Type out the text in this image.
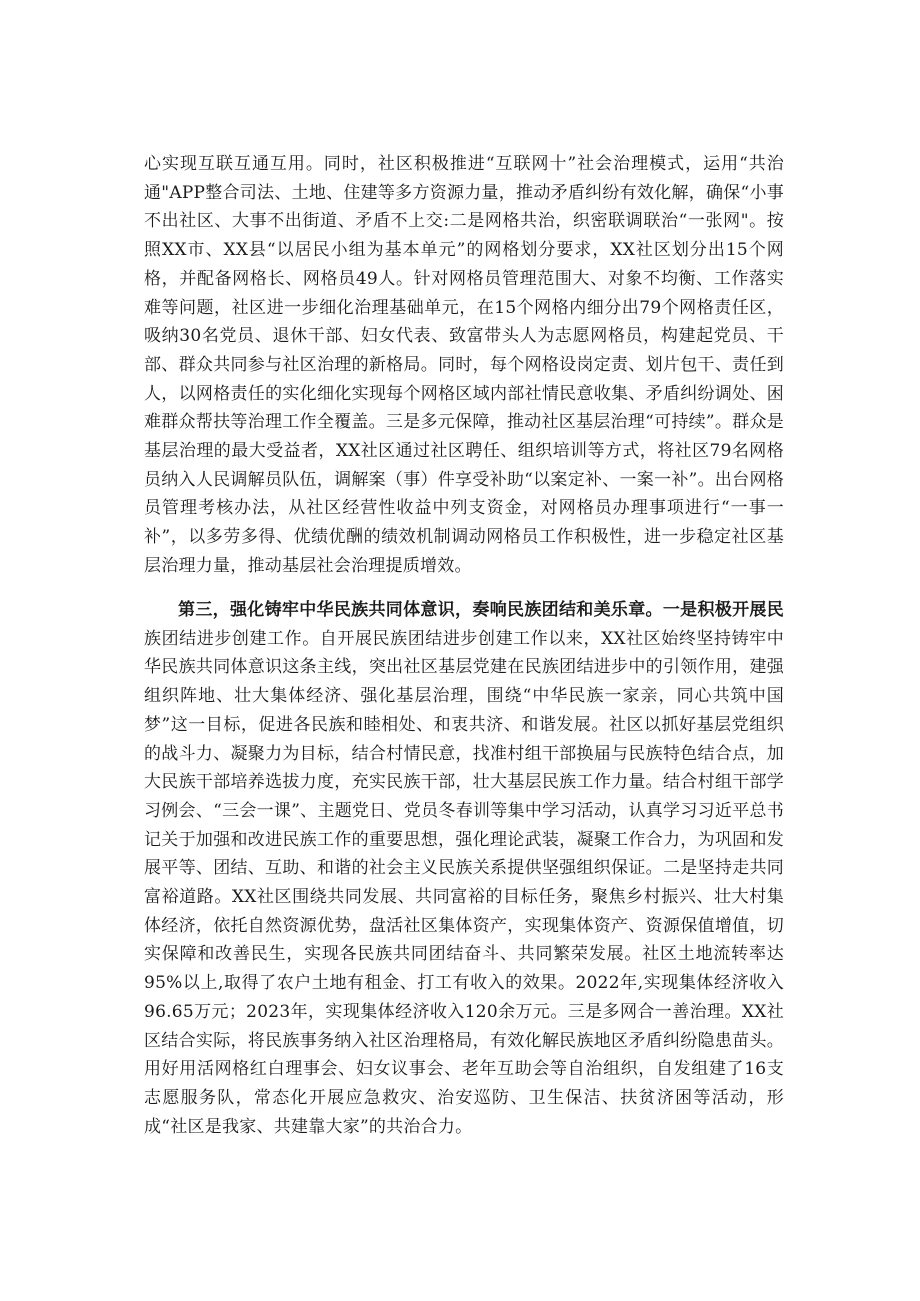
心实现互联互通互用。同时，社区积极推进“互联网十”社会治理模式，运用“共治通"APP整合司法、土地、住建等多方资源力量，推动矛盾纠纷有效化解，确保“小事不出社区、大事不出街道、矛盾不上交:二是网格共治，织密联调联治“一张网"。按照XX市、XX县“以居民小组为基本单元”的网格划分要求，XX社区划分出15个网格，并配备网格长、网格员49人。针对网格员管理范围大、对象不均衡、工作落实难等问题，社区进一步细化治理基础单元，在15个网格内细分出79个网格责任区，吸纳30名党员、退休干部、妇女代表、致富带头人为志愿网格员，构建起党员、干部、群众共同参与社区治理的新格局。同时，每个网格设岗定责、划片包干、责任到人，以网格责任的实化细化实现每个网格区域内部社情民意收集、矛盾纠纷调处、困难群众帮扶等治理工作全覆盖。三是多元保障，推动社区基层治理“可持续”。群众是基层治理的最大受益者，XX社区通过社区聘任、组织培训等方式，将社区79名网格员纳入人民调解员队伍，调解案（事）件享受补助“以案定补、一案一补”。出台网格员管理考核办法，从社区经营性收益中列支资金，对网格员办理事项进行“一事一补”，以多劳多得、优绩优酬的绩效机制调动网格员工作积极性，进一步稳定社区基层治理力量，推动基层社会治理提质增效。

第三，强化铸牢中华民族共同体意识，奏响民族团结和美乐章。一是积极开展民族团结进步创建工作。自开展民族团结进步创建工作以来，XX社区始终坚持铸牢中华民族共同体意识这条主线，突出社区基层党建在民族团结进步中的引领作用，建强组织阵地、壮大集体经济、强化基层治理，围绕“中华民族一家亲，同心共筑中国梦”这一目标，促进各民族和睦相处、和衷共济、和谐发展。社区以抓好基层党组织的战斗力、凝聚力为目标，结合村情民意，找准村组干部换届与民族特色结合点，加大民族干部培养选拔力度，充实民族干部，壮大基层民族工作力量。结合村组干部学习例会、“三会一课”、主题党日、党员冬春训等集中学习活动，认真学习习近平总书记关于加强和改进民族工作的重要思想，强化理论武装，凝聚工作合力，为巩固和发展平等、团结、互助、和谐的社会主义民族关系提供坚强组织保证。二是坚持走共同富裕道路。XX社区围绕共同发展、共同富裕的目标任务，聚焦乡村振兴、壮大村集体经济，依托自然资源优势，盘活社区集体资产，实现集体资产、资源保值增值，切实保障和改善民生，实现各民族共同团结奋斗、共同繁荣发展。社区土地流转率达95%以上,取得了农户土地有租金、打工有收入的效果。2022年,实现集体经济收入96.65万元；2023年，实现集体经济收入120余万元。三是多网合一善治理。XX社区结合实际，将民族事务纳入社区治理格局，有效化解民族地区矛盾纠纷隐患苗头。用好用活网格红白理事会、妇女议事会、老年互助会等自治组织，自发组建了16支志愿服务队，常态化开展应急救灾、治安巡防、卫生保洁、扶贫济困等活动，形成“社区是我家、共建靠大家”的共治合力。
